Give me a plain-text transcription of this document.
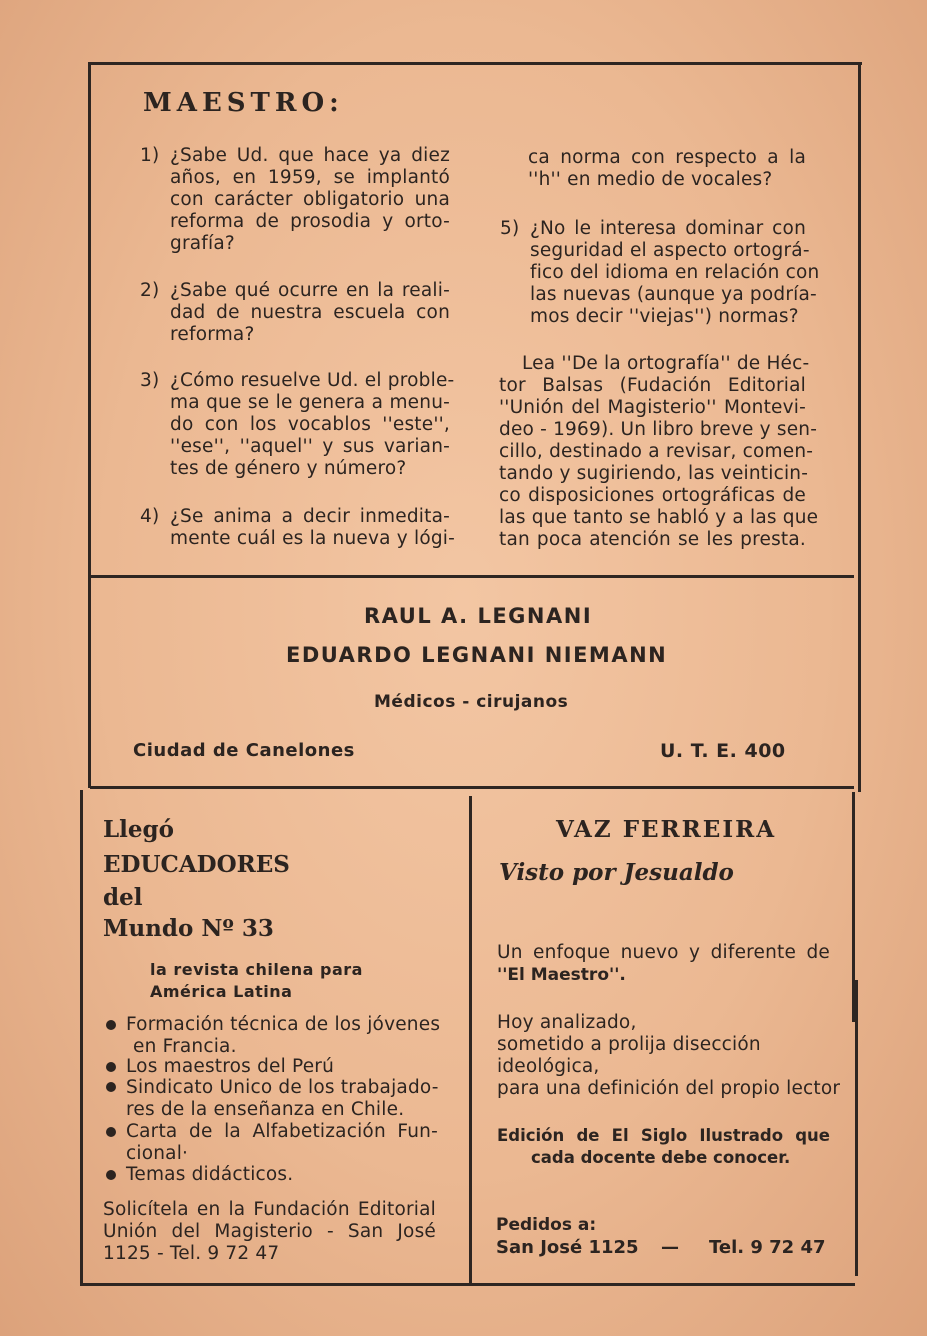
MAESTRO:
1) ¿Sabe Ud. que hace ya diez
años, en 1959, se implantó
con carácter obligatorio una
reforma de prosodia y orto-
grafía?
2) ¿Sabe qué ocurre en la reali-
dad de nuestra escuela con
reforma?
3) ¿Cómo resuelve Ud. el proble-
ma que se le genera a menu-
do con los vocablos ''este'',
''ese'', ''aquel'' y sus varian-
tes de género y número?
4) ¿Se anima a decir inmedita-
mente cuál es la nueva y lógi-
ca norma con respecto a la
''h'' en medio de vocales?
5) ¿No le interesa dominar con
seguridad el aspecto ortográ-
fico del idioma en relación con
las nuevas (aunque ya podría-
mos decir ''viejas'') normas?
Lea ''De la ortografía'' de Héc-
tor Balsas (Fudación Editorial
''Unión del Magisterio'' Montevi-
deo - 1969). Un libro breve y sen-
cillo, destinado a revisar, comen-
tando y sugiriendo, las veinticin-
co disposiciones ortográficas de
las que tanto se habló y a las que
tan poca atención se les presta.
RAUL A. LEGNANI
EDUARDO LEGNANI NIEMANN
Médicos - cirujanos
Ciudad de Canelones	U. T. E. 400
Llegó
EDUCADORES
del
Mundo Nº 33
la revista chilena para
América Latina
Formación técnica de los jóvenes
en Francia.
Los maestros del Perú
Sindicato Unico de los trabajado-
res de la enseñanza en Chile.
Carta de la Alfabetización Fun-
cional·
Temas didácticos.
Solicítela en la Fundación Editorial
Unión del Magisterio - San José
1125 - Tel. 9 72 47
VAZ FERREIRA
Visto por Jesualdo
Un enfoque nuevo y diferente de
''El Maestro''.
Hoy analizado,
sometido a prolija disección
ideológica,
para una definición del propio lector
Edición de El Siglo Ilustrado que
cada docente debe conocer.
Pedidos a:
San José 1125 — Tel. 9 72 47
